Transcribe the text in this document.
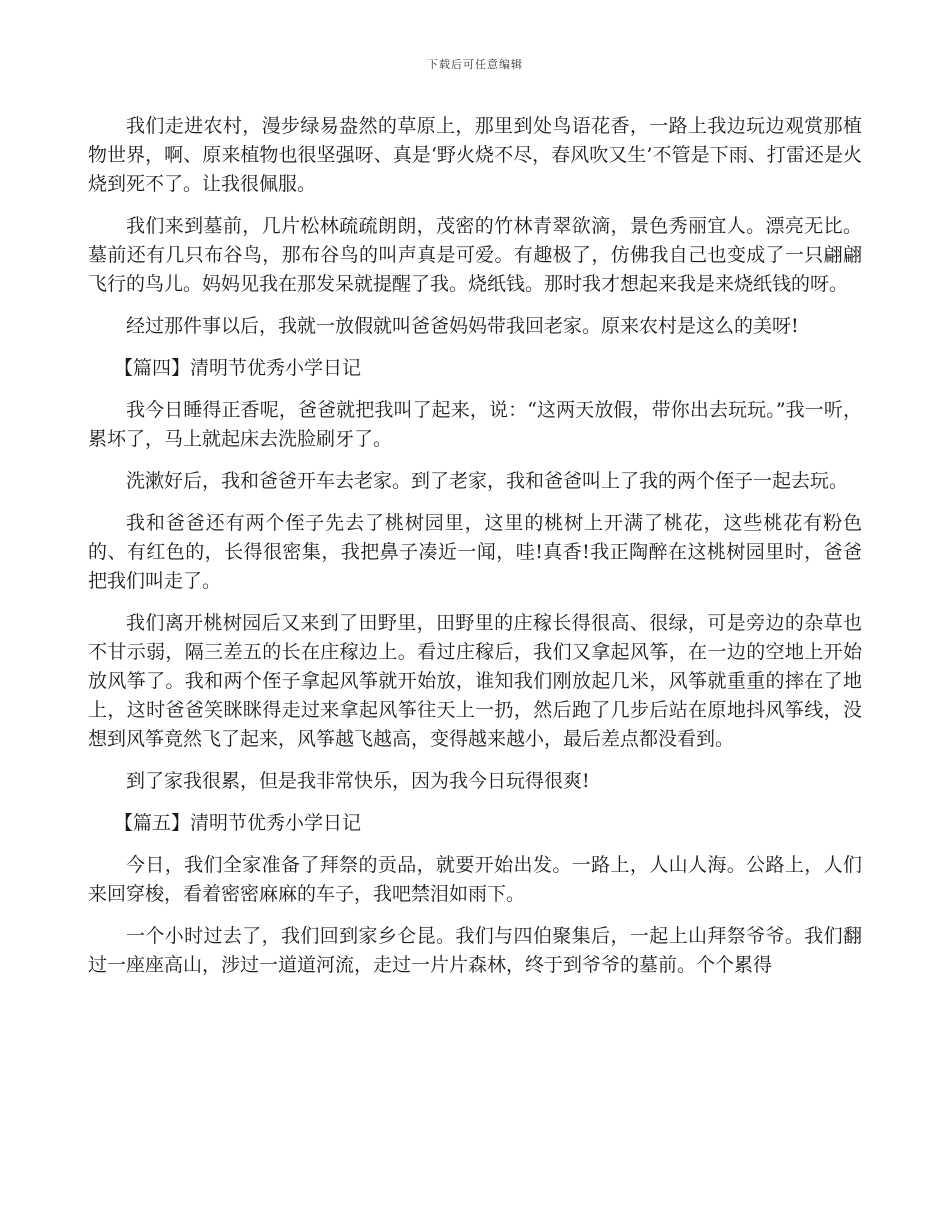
下载后可任意编辑

我们走进农村，漫步绿易盎然的草原上，那里到处鸟语花香，一路上我边玩边观赏那植物世界，啊、原来植物也很坚强呀、真是‘野火烧不尽，春风吹又生’不管是下雨、打雷还是火烧到死不了。让我很佩服。

我们来到墓前，几片松林疏疏朗朗，茂密的竹林青翠欲滴，景色秀丽宜人。漂亮无比。墓前还有几只布谷鸟，那布谷鸟的叫声真是可爱。有趣极了，仿佛我自己也变成了一只翩翩飞行的鸟儿。妈妈见我在那发呆就提醒了我。烧纸钱。那时我才想起来我是来烧纸钱的呀。

经过那件事以后，我就一放假就叫爸爸妈妈带我回老家。原来农村是这么的美呀!

【篇四】清明节优秀小学日记

我今日睡得正香呢，爸爸就把我叫了起来，说：“这两天放假，带你出去玩玩。”我一听，累坏了，马上就起床去洗脸刷牙了。

洗漱好后，我和爸爸开车去老家。到了老家，我和爸爸叫上了我的两个侄子一起去玩。

我和爸爸还有两个侄子先去了桃树园里，这里的桃树上开满了桃花，这些桃花有粉色的、有红色的，长得很密集，我把鼻子凑近一闻，哇!真香!我正陶醉在这桃树园里时，爸爸把我们叫走了。

我们离开桃树园后又来到了田野里，田野里的庄稼长得很高、很绿，可是旁边的杂草也不甘示弱，隔三差五的长在庄稼边上。看过庄稼后，我们又拿起风筝，在一边的空地上开始放风筝了。我和两个侄子拿起风筝就开始放，谁知我们刚放起几米，风筝就重重的摔在了地上，这时爸爸笑眯眯得走过来拿起风筝往天上一扔，然后跑了几步后站在原地抖风筝线，没想到风筝竟然飞了起来，风筝越飞越高，变得越来越小，最后差点都没看到。

到了家我很累，但是我非常快乐，因为我今日玩得很爽!

【篇五】清明节优秀小学日记

今日，我们全家准备了拜祭的贡品，就要开始出发。一路上，人山人海。公路上，人们来回穿梭，看着密密麻麻的车子，我吧禁泪如雨下。

一个小时过去了，我们回到家乡仑昆。我们与四伯聚集后，一起上山拜祭爷爷。我们翻过一座座高山，涉过一道道河流，走过一片片森林，终于到爷爷的墓前。个个累得
